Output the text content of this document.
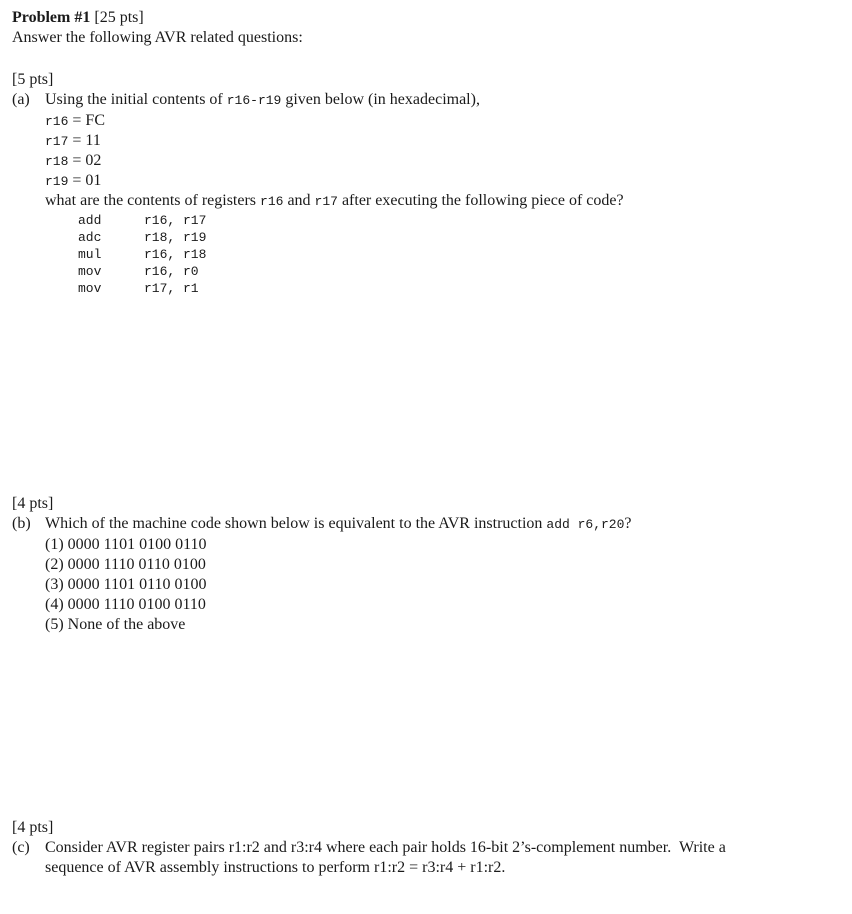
Problem #1 [25 pts]
Answer the following AVR related questions:
[5 pts]
(a) Using the initial contents of r16-r19 given below (in hexadecimal),
r16 = FC
r17 = 11
r18 = 02
r19 = 01
what are the contents of registers r16 and r17 after executing the following piece of code?
add	r16, r17
adc	r18, r19
mul	r16, r18
mov	r16, r0
mov	r17, r1
[4 pts]
(b) Which of the machine code shown below is equivalent to the AVR instruction add r6,r20?
(1) 0000 1101 0100 0110
(2) 0000 1110 0110 0100
(3) 0000 1101 0110 0100
(4) 0000 1110 0100 0110
(5) None of the above
[4 pts]
(c) Consider AVR register pairs r1:r2 and r3:r4 where each pair holds 16-bit 2’s-complement number.  Write a
sequence of AVR assembly instructions to perform r1:r2 = r3:r4 + r1:r2.
